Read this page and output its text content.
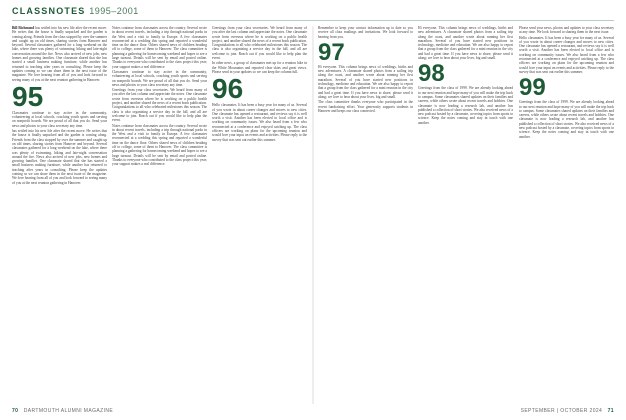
CLASSNOTES 1995–2001

Bill Richmond has settled into his new life after the recent move. He writes that the house is finally unpacked and the garden is coming along. Friends from the class stopped by over the summer and caught up on old times, sharing stories from Hanover and beyond. Several classmates gathered for a long weekend on the lake, where there was plenty of swimming, hiking and late-night conversation around the fire. News also arrived of new jobs, new homes and growing families. One classmate shared that she has started a small business making furniture, while another has returned to teaching after years in consulting. Please keep the updates coming so we can share them in the next issue of the magazine. We love hearing from all of you and look forward to seeing many of you at the next reunion gathering in Hanover.

95

Classmates continue to stay active in the community, volunteering at local schools, coaching youth sports and serving on nonprofit boards. We are proud of all that you do. Send your news and photos to your class secretary any time.

has settled into his new life after the recent move. He writes that the house is finally unpacked and the garden is coming along. Friends from the class stopped by over the summer and caught up on old times, sharing stories from Hanover and beyond. Several classmates gathered for a long weekend on the lake, where there was plenty of swimming, hiking and late-night conversation around the fire. News also arrived of new jobs, new homes and growing families. One classmate shared that she has started a small business making furniture, while another has returned to teaching after years in consulting. Please keep the updates coming so we can share them in the next issue of the magazine. We love hearing from all of you and look forward to seeing many of you at the next reunion gathering in Hanover.

Notes continue from classmates across the country. Several wrote in about recent travels, including a trip through national parks in the West and a visit to family in Europe. A few classmates reconnected at a wedding this spring and reported a wonderful time on the dance floor. Others shared news of children heading off to college, some of them to Hanover. The class committee is planning a gathering for homecoming weekend and hopes to see a large turnout. Details will be sent by email and posted online. Thanks to everyone who contributed to the class project this year; your support makes a real difference.

Classmates continue to stay active in the community, volunteering at local schools, coaching youth sports and serving on nonprofit boards. We are proud of all that you do. Send your news and photos to your class secretary any time.

Greetings from your class secretaries. We heard from many of you after the last column and appreciate the notes. One classmate wrote from overseas where he is working on a public health project, and another shared the news of a recent book publication. Congratulations to all who celebrated milestones this season. The class is also organizing a service day in the fall, and all are welcome to join. Reach out if you would like to help plan the event.

Notes continue from classmates across the country. Several wrote in about recent travels, including a trip through national parks in the West and a visit to family in Europe. A few classmates reconnected at a wedding this spring and reported a wonderful time on the dance floor. Others shared news of children heading off to college, some of them to Hanover. The class committee is planning a gathering for homecoming weekend and hopes to see a large turnout. Details will be sent by email and posted online. Thanks to everyone who contributed to the class project this year; your support makes a real difference.

Greetings from your class secretaries. We heard from many of you after the last column and appreciate the notes. One classmate wrote from overseas where he is working on a public health project, and another shared the news of a recent book publication. Congratulations to all who celebrated milestones this season. The class is also organizing a service day in the fall, and all are welcome to join. Reach out if you would like to help plan the event.

In other news, a group of classmates met up for a reunion hike in the White Mountains and reported clear skies and great views. Please send in your updates so we can keep the column full.

96

Hello classmates. It has been a busy year for many of us. Several of you wrote in about career changes and moves to new cities. One classmate has opened a restaurant, and reviews say it is well worth a visit. Another has been elected to local office and is working on community issues. We also heard from a few who reconnected at a conference and enjoyed catching up. The class officers are working on plans for the upcoming reunion and would love your input on events and activities. Please reply to the survey that was sent out earlier this summer.

Remember to keep your contact information up to date so you receive all class mailings and invitations. We look forward to hearing from you.

97

Hi everyone. This column brings news of weddings, births and new adventures. A classmate shared photos from a sailing trip along the coast, and another wrote about running her first marathon. Several of you have started new positions in technology, medicine and education. We are also happy to report that a group from the class gathered for a mini reunion in the city and had a great time. If you have news to share, please send it along; we love to hear about your lives, big and small.

The class committee thanks everyone who participated in the recent fundraising effort. Your generosity supports students in Hanover and keeps our class connected.

Hi everyone. This column brings news of weddings, births and new adventures. A classmate shared photos from a sailing trip along the coast, and another wrote about running her first marathon. Several of you have started new positions in technology, medicine and education. We are also happy to report that a group from the class gathered for a mini reunion in the city and had a great time. If you have news to share, please send it along; we love to hear about your lives, big and small.

98

Greetings from the class of 1999. We are already looking ahead to our next reunion and hope many of you will make the trip back to campus. Some classmates shared updates on their families and careers, while others wrote about recent travels and hobbies. One classmate is now leading a research lab, and another has published a collection of short stories. We also received news of a new podcast hosted by a classmate, covering topics from sports to science. Keep the notes coming and stay in touch with one another.

Please send your news, photos and updates to your class secretary at any time. We look forward to sharing them in the next issue.

Hello classmates. It has been a busy year for many of us. Several of you wrote in about career changes and moves to new cities. One classmate has opened a restaurant, and reviews say it is well worth a visit. Another has been elected to local office and is working on community issues. We also heard from a few who reconnected at a conference and enjoyed catching up. The class officers are working on plans for the upcoming reunion and would love your input on events and activities. Please reply to the survey that was sent out earlier this summer.

99

Greetings from the class of 1999. We are already looking ahead to our next reunion and hope many of you will make the trip back to campus. Some classmates shared updates on their families and careers, while others wrote about recent travels and hobbies. One classmate is now leading a research lab, and another has published a collection of short stories. We also received news of a new podcast hosted by a classmate, covering topics from sports to science. Keep the notes coming and stay in touch with one another.

70 DARTMOUTH ALUMNI MAGAZINE	SEPTEMBER | OCTOBER 2024 71
